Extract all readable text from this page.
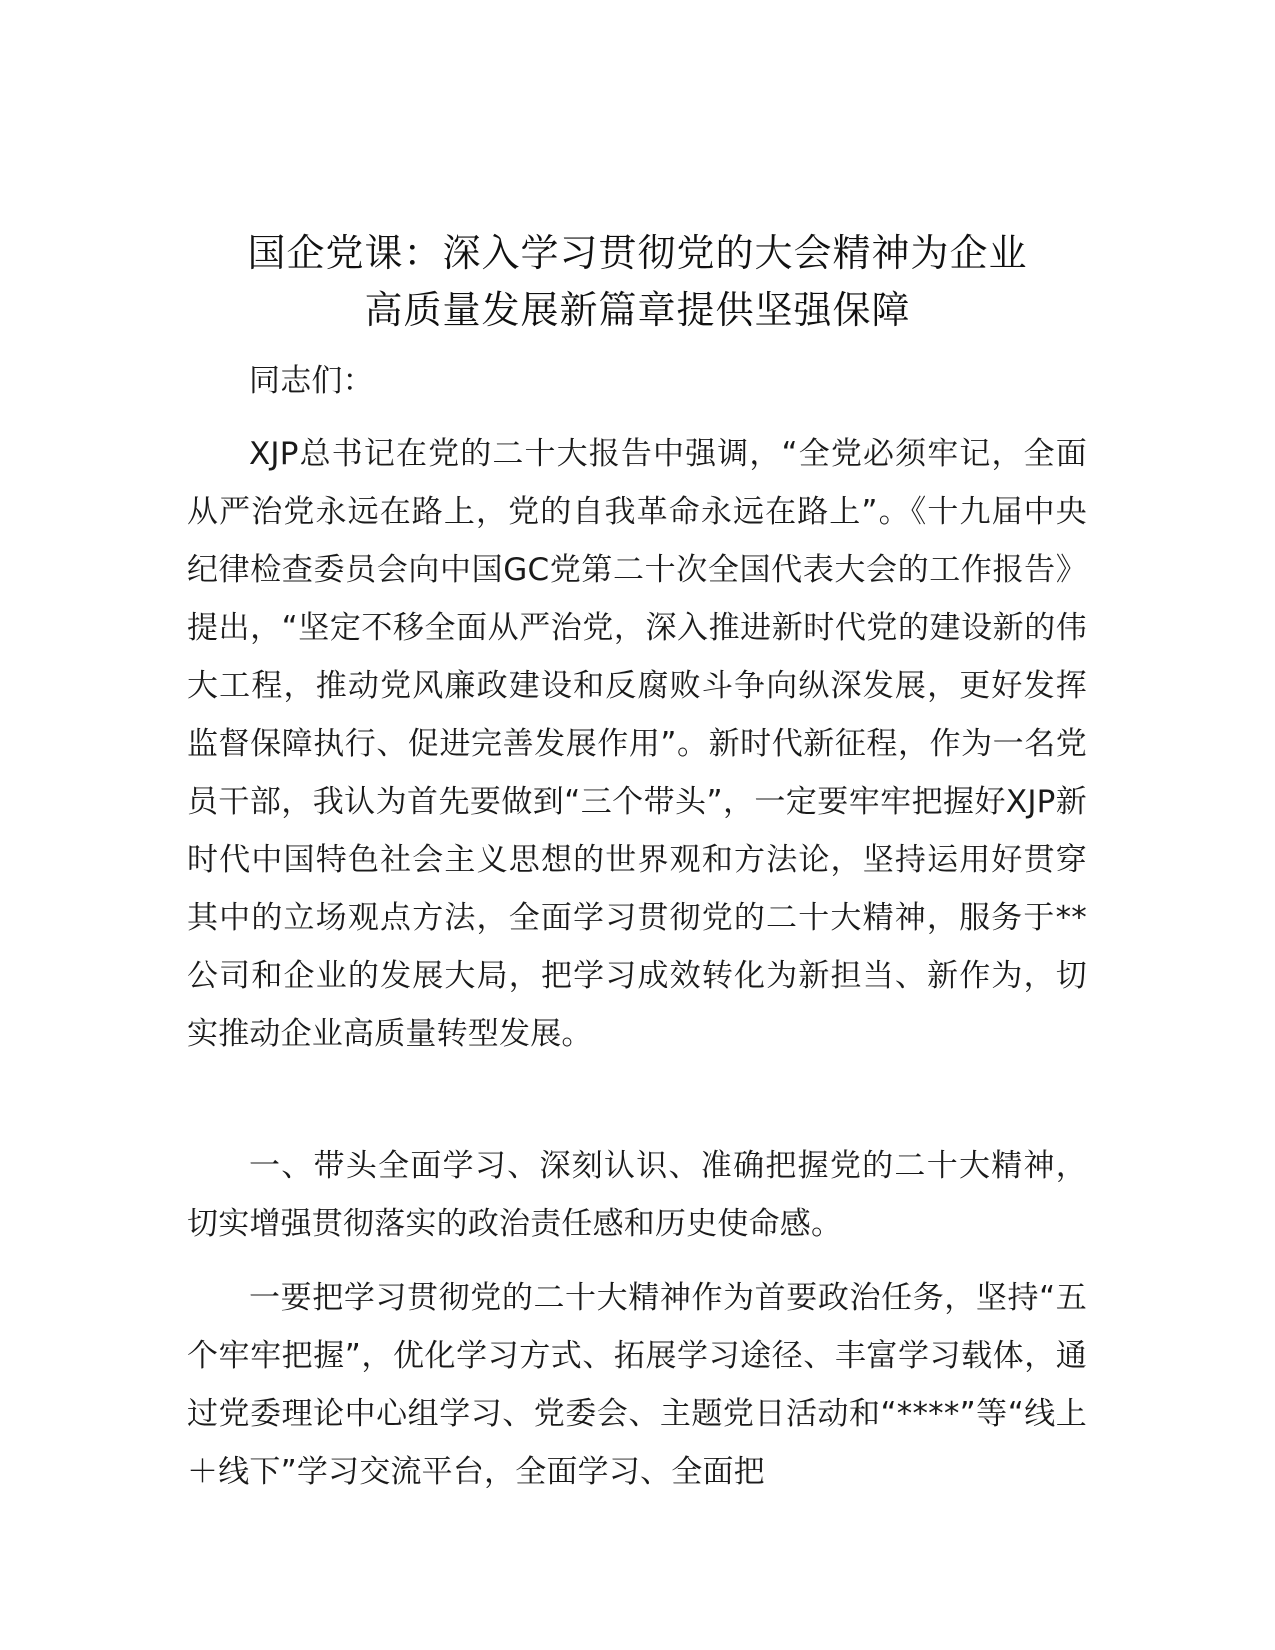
国企党课：深入学习贯彻党的大会精神为企业
高质量发展新篇章提供坚强保障

同志们：

XJP总书记在党的二十大报告中强调，“全党必须牢记，全面从严治党永远在路上，党的自我革命永远在路上”。《十九届中央纪律检查委员会向中国GC党第二十次全国代表大会的工作报告》提出，“坚定不移全面从严治党，深入推进新时代党的建设新的伟大工程，推动党风廉政建设和反腐败斗争向纵深发展，更好发挥监督保障执行、促进完善发展作用”。新时代新征程，作为一名党员干部，我认为首先要做到“三个带头”，一定要牢牢把握好XJP新时代中国特色社会主义思想的世界观和方法论，坚持运用好贯穿其中的立场观点方法，全面学习贯彻党的二十大精神，服务于**公司和企业的发展大局，把学习成效转化为新担当、新作为，切实推动企业高质量转型发展。

一、带头全面学习、深刻认识、准确把握党的二十大精神，切实增强贯彻落实的政治责任感和历史使命感。

一要把学习贯彻党的二十大精神作为首要政治任务，坚持“五个牢牢把握”，优化学习方式、拓展学习途径、丰富学习载体，通过党委理论中心组学习、党委会、主题党日活动和“****”等“线上＋线下”学习交流平台，全面学习、全面把
